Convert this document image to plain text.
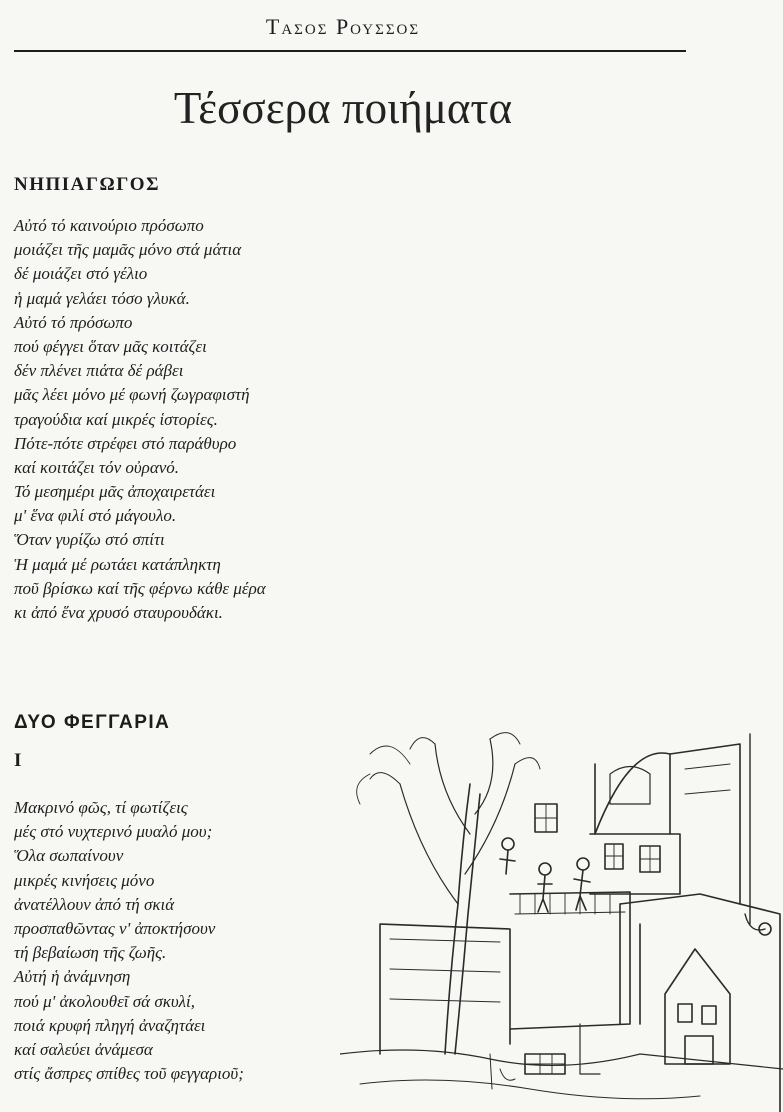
Τασος Ρουσσος
Τέσσερα ποιήματα
ΝΗΠΙΑΓΩΓΟΣ
Αὐτό τό καινούριο πρόσωπο
μοιάζει τῆς μαμᾶς μόνο στά μάτια
δέ μοιάζει στό γέλιο
ἡ μαμά γελάει τόσο γλυκά.
Αὐτό τό πρόσωπο
πού φέγγει ὅταν μᾶς κοιτάζει
δέν πλένει πιάτα δέ ράβει
μᾶς λέει μόνο μέ φωνή ζωγραφιστή
τραγούδια καί μικρές ἱστορίες.
Πότε-πότε στρέφει στό παράθυρο
καί κοιτάζει τόν οὐρανό.
Τό μεσημέρι μᾶς ἀποχαιρετάει
μ' ἕνα φιλί στό μάγουλο.
Ὅταν γυρίζω στό σπίτι
Ἡ μαμά μέ ρωτάει κατάπληκτη
ποῦ βρίσκω καί τῆς φέρνω κάθε μέρα
κι ἀπό ἕνα χρυσό σταυρουδάκι.
ΔΥΟ ΦΕΓΓΑΡΙΑ
Ι
Μακρινό φῶς, τί φωτίζεις
μές στό νυχτερινό μυαλό μου;
Ὅλα σωπαίνουν
μικρές κινήσεις μόνο
ἀνατέλλουν ἀπό τή σκιά
προσπαθῶντας ν' ἀποκτήσουν
τή βεβαίωση τῆς ζωῆς.
Αὐτή ἡ ἀνάμνηση
πού μ' ἀκολουθεῖ σά σκυλί,
ποιά κρυφή πληγή ἀναζητάει
καί σαλεύει ἀνάμεσα
στίς ἄσπρες σπίθες τοῦ φεγγαριοῦ;
